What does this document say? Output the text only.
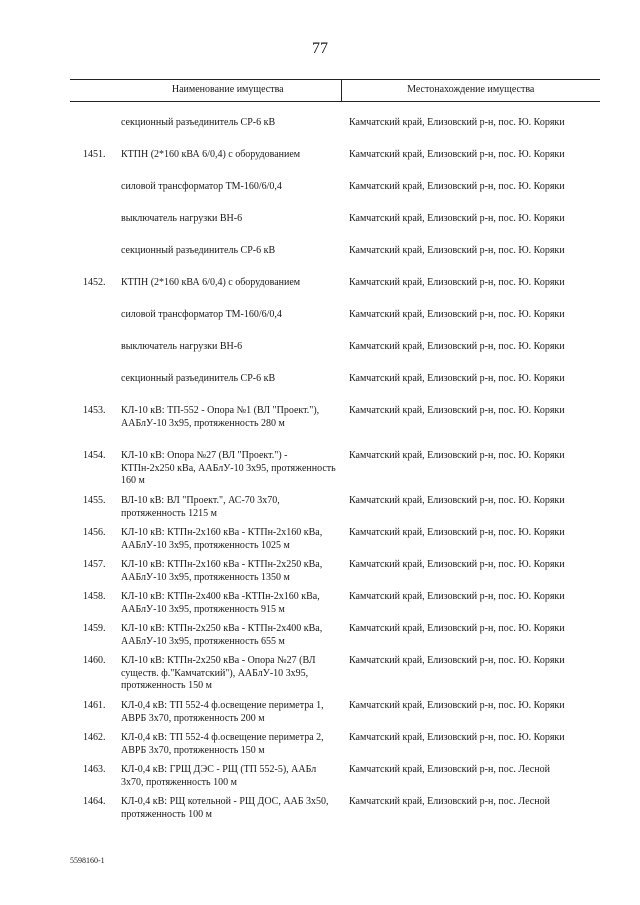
77
	Наименование имущества	Местонахождение имущества

	секционный разъединитель СР-6 кВ	Камчатский край, Елизовский р-н, пос. Ю. Коряки
1451.	КТПН (2*160 кВА 6/0,4) с оборудованием	Камчатский край, Елизовский р-н, пос. Ю. Коряки
	силовой трансформатор ТМ-160/6/0,4	Камчатский край, Елизовский р-н, пос. Ю. Коряки
	выключатель нагрузки ВН-6	Камчатский край, Елизовский р-н, пос. Ю. Коряки
	секционный разъединитель СР-6 кВ	Камчатский край, Елизовский р-н, пос. Ю. Коряки
1452.	КТПН (2*160 кВА 6/0,4) с оборудованием	Камчатский край, Елизовский р-н, пос. Ю. Коряки
	силовой трансформатор ТМ-160/6/0,4	Камчатский край, Елизовский р-н, пос. Ю. Коряки
	выключатель нагрузки ВН-6	Камчатский край, Елизовский р-н, пос. Ю. Коряки
	секционный разъединитель СР-6 кВ	Камчатский край, Елизовский р-н, пос. Ю. Коряки
1453.	КЛ-10 кВ: ТП-552 - Опора №1 (ВЛ "Проект."), ААБлУ-10 3х95, протяженность 280 м	Камчатский край, Елизовский р-н, пос. Ю. Коряки
1454.	КЛ-10 кВ: Опора №27 (ВЛ "Проект.") - КТПн-2х250 кВа, ААБлУ-10 3х95, протяженность 160 м	Камчатский край, Елизовский р-н, пос. Ю. Коряки
1455.	ВЛ-10 кВ: ВЛ "Проект.", АС-70 3х70, протяженность 1215 м	Камчатский край, Елизовский р-н, пос. Ю. Коряки
1456.	КЛ-10 кВ: КТПн-2х160 кВа - КТПн-2х160 кВа, ААБлУ-10 3х95, протяженность 1025 м	Камчатский край, Елизовский р-н, пос. Ю. Коряки
1457.	КЛ-10 кВ: КТПн-2х160 кВа - КТПн-2х250 кВа, ААБлУ-10 3х95, протяженность 1350 м	Камчатский край, Елизовский р-н, пос. Ю. Коряки
1458.	КЛ-10 кВ: КТПн-2х400 кВа -КТПн-2х160 кВа, ААБлУ-10 3х95, протяженность 915 м	Камчатский край, Елизовский р-н, пос. Ю. Коряки
1459.	КЛ-10 кВ: КТПн-2х250 кВа - КТПн-2х400 кВа, ААБлУ-10 3х95, протяженность 655 м	Камчатский край, Елизовский р-н, пос. Ю. Коряки
1460.	КЛ-10 кВ: КТПн-2х250 кВа - Опора №27 (ВЛ существ. ф."Камчатский"), ААБлУ-10 3х95, протяженность 150 м	Камчатский край, Елизовский р-н, пос. Ю. Коряки
1461.	КЛ-0,4 кВ: ТП 552-4 ф.освещение периметра 1, АВРБ 3х70, протяженность 200 м	Камчатский край, Елизовский р-н, пос. Ю. Коряки
1462.	КЛ-0,4 кВ: ТП 552-4 ф.освещение периметра 2, АВРБ 3х70, протяженность 150 м	Камчатский край, Елизовский р-н, пос. Ю. Коряки
1463.	КЛ-0,4 кВ: ГРЩ ДЭС - РЩ (ТП 552-5), ААБл 3х70, протяженность 100 м	Камчатский край, Елизовский р-н, пос. Лесной
1464.	КЛ-0,4 кВ: РЩ котельной - РЩ ДОС, ААБ 3х50, протяженность 100 м	Камчатский край, Елизовский р-н, пос. Лесной
5598160-1
